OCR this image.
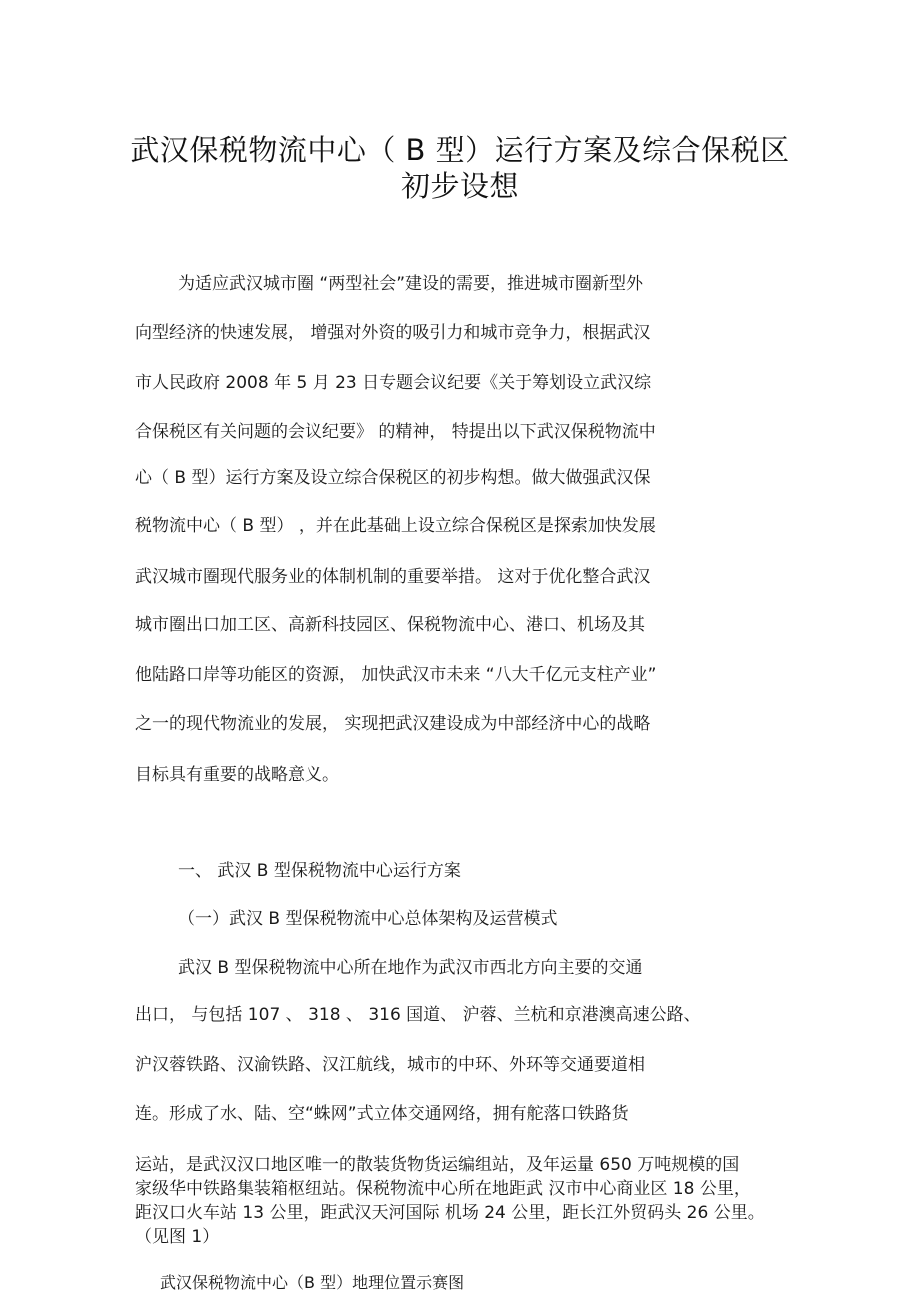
武汉保税物流中心（ B 型）运行方案及综合保税区
初步设想
为适应武汉城市圈 “两型社会”建设的需要，推进城市圈新型外
向型经济的快速发展， 增强对外资的吸引力和城市竞争力，根据武汉
市人民政府 2008 年 5 月 23 日专题会议纪要《关于筹划设立武汉综
合保税区有关问题的会议纪要》 的精神， 特提出以下武汉保税物流中
心（ B 型）运行方案及设立综合保税区的初步构想。做大做强武汉保
税物流中心（ B 型） ，并在此基础上设立综合保税区是探索加快发展
武汉城市圈现代服务业的体制机制的重要举措。 这对于优化整合武汉
城市圈出口加工区、高新科技园区、保税物流中心、港口、机场及其
他陆路口岸等功能区的资源， 加快武汉市未来 “八大千亿元支柱产业”
之一的现代物流业的发展， 实现把武汉建设成为中部经济中心的战略
目标具有重要的战略意义。
一、 武汉 B 型保税物流中心运行方案
（一）武汉 B 型保税物流中心总体架构及运营模式
武汉 B 型保税物流中心所在地作为武汉市西北方向主要的交通
出口， 与包括 107 、 318 、 316 国道、 沪蓉、兰杭和京港澳高速公路、
沪汉蓉铁路、汉渝铁路、汉江航线，城市的中环、外环等交通要道相
连。形成了水、陆、空“蛛网”式立体交通网络，拥有舵落口铁路货
运站，是武汉汉口地区唯一的散装货物货运编组站，及年运量 650 万吨规模的国
家级华中铁路集装箱枢纽站。保税物流中心所在地距武 汉市中心商业区 18 公里，
距汉口火车站 13 公里，距武汉天河国际 机场 24 公里，距长江外贸码头 26 公里。
（见图 1）
武汉保税物流中心（B 型）地理位置示赛图
